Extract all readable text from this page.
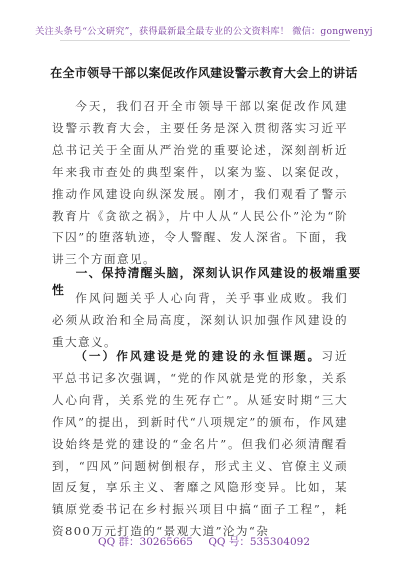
关注头条号“公文研究”，获得最新最全最专业的公文资料库！ 微信：gongwenyj
在全市领导干部以案促改作风建设警示教育大会上的讲话
今天，我们召开全市领导干部以案促改作风建设警示教育大会，主要任务是深入贯彻落实习近平总书记关于全面从严治党的重要论述，深刻剖析近年来我市查处的典型案件，以案为鉴、以案促改，推动作风建设向纵深发展。刚才，我们观看了警示教育片《贪欲之祸》，片中人从“人民公仆”沦为“阶下囚”的堕落轨迹，令人警醒、发人深省。下面，我讲三个方面意见。
一、保持清醒头脑，深刻认识作风建设的极端重要性
作风问题关乎人心向背，关乎事业成败。我们必须从政治和全局高度，深刻认识加强作风建设的重大意义。
（一）作风建设是党的建设的永恒课题。习近平总书记多次强调，“党的作风就是党的形象，关系人心向背，关系党的生死存亡”。从延安时期“三大作风”的提出，到新时代“八项规定”的颁布，作风建设始终是党的建设的“金名片”。但我们必须清醒看到，“四风”问题树倒根存，形式主义、官僚主义顽固反复，享乐主义、奢靡之风隐形变异。比如，某镇原党委书记在乡村振兴项目中搞“面子工程”，耗资800万元打造的“景观大道”沦为“杂
QQ 群：30265665 QQ 号：535304092
